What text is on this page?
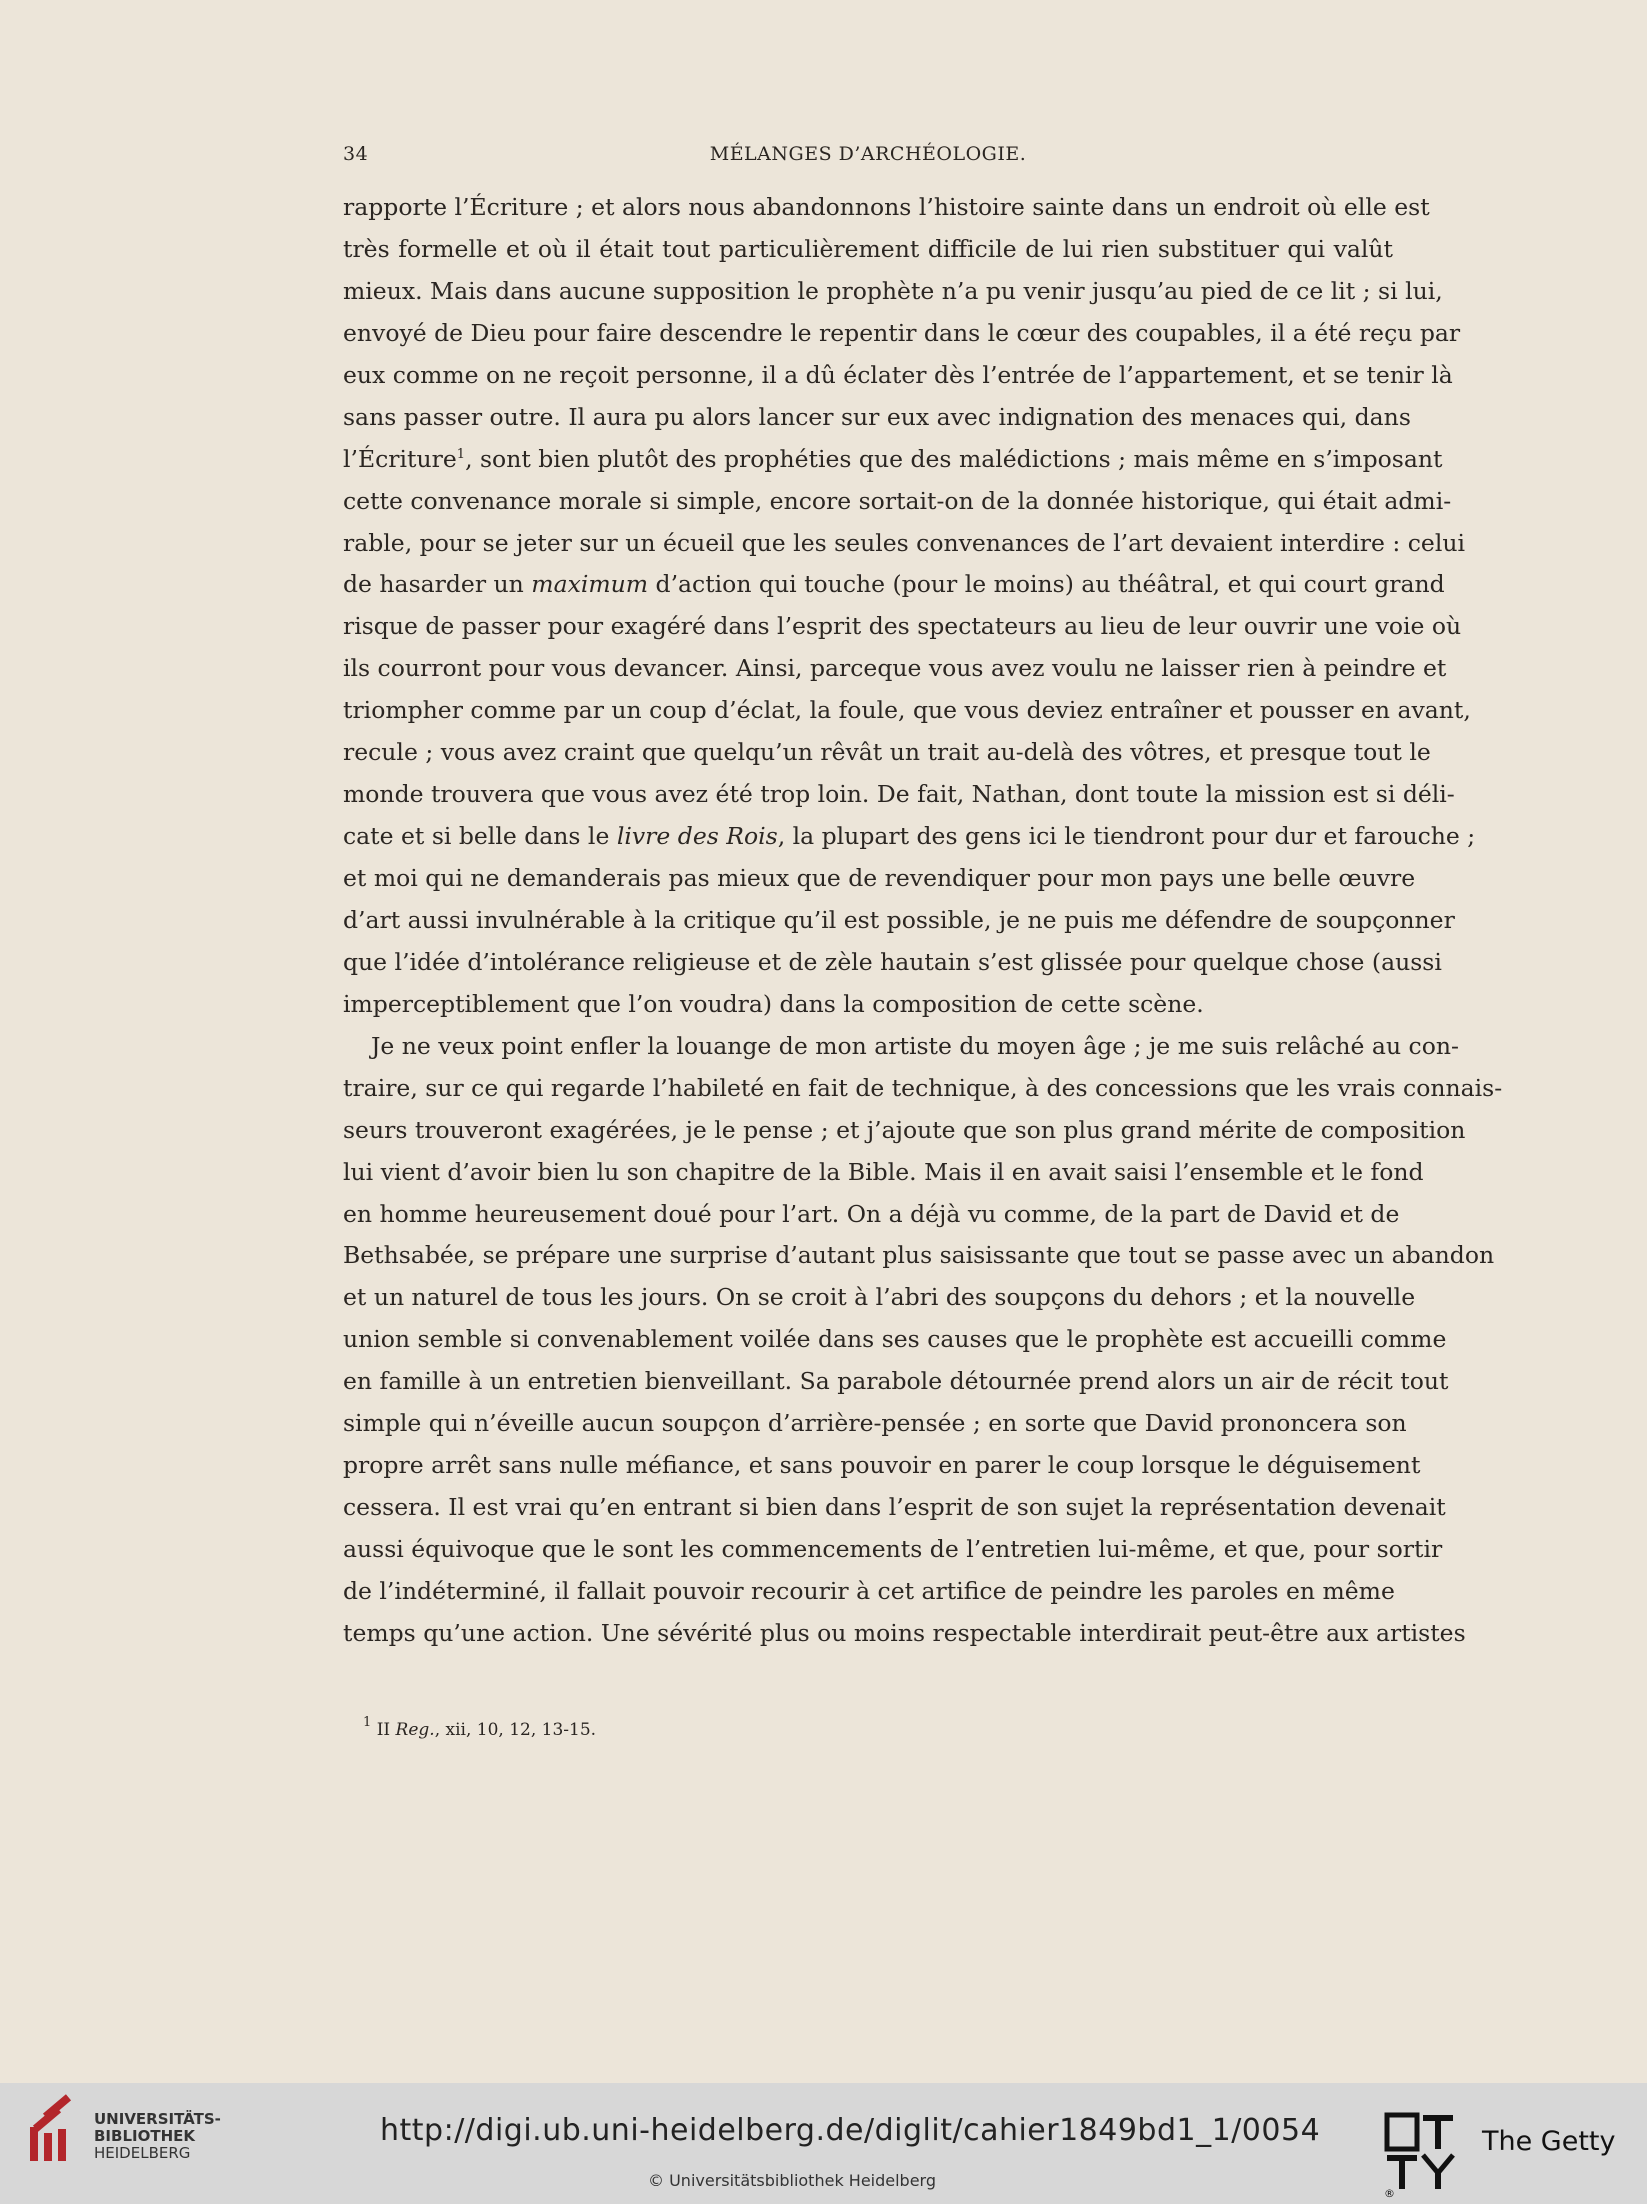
34	MÉLANGES D’ARCHÉOLOGIE.
rapporte l’Écriture ; et alors nous abandonnons l’histoire sainte dans un endroit où elle est
très formelle et où il était tout particulièrement difficile de lui rien substituer qui valût
mieux. Mais dans aucune supposition le prophète n’a pu venir jusqu’au pied de ce lit ; si lui,
envoyé de Dieu pour faire descendre le repentir dans le cœur des coupables, il a été reçu par
eux comme on ne reçoit personne, il a dû éclater dès l’entrée de l’appartement, et se tenir là
sans passer outre. Il aura pu alors lancer sur eux avec indignation des menaces qui, dans
l’Écriture$^1$, sont bien plutôt des prophéties que des malédictions ; mais même en s’imposant
cette convenance morale si simple, encore sortait-on de la donnée historique, qui était admi-
rable, pour se jeter sur un écueil que les seules convenances de l’art devaient interdire : celui
de hasarder un maximum d’action qui touche (pour le moins) au théâtral, et qui court grand
risque de passer pour exagéré dans l’esprit des spectateurs au lieu de leur ouvrir une voie où
ils courront pour vous devancer. Ainsi, parceque vous avez voulu ne laisser rien à peindre et
triompher comme par un coup d’éclat, la foule, que vous deviez entraîner et pousser en avant,
recule ; vous avez craint que quelqu’un rêvât un trait au-delà des vôtres, et presque tout le
monde trouvera que vous avez été trop loin. De fait, Nathan, dont toute la mission est si déli-
cate et si belle dans le livre des Rois, la plupart des gens ici le tiendront pour dur et farouche ;
et moi qui ne demanderais pas mieux que de revendiquer pour mon pays une belle œuvre
d’art aussi invulnérable à la critique qu’il est possible, je ne puis me défendre de soupçonner
que l’idée d’intolérance religieuse et de zèle hautain s’est glissée pour quelque chose (aussi
imperceptiblement que l’on voudra) dans la composition de cette scène.
Je ne veux point enfler la louange de mon artiste du moyen âge ; je me suis relâché au con-
traire, sur ce qui regarde l’habileté en fait de technique, à des concessions que les vrais connais-
seurs trouveront exagérées, je le pense ; et j’ajoute que son plus grand mérite de composition
lui vient d’avoir bien lu son chapitre de la Bible. Mais il en avait saisi l’ensemble et le fond
en homme heureusement doué pour l’art. On a déjà vu comme, de la part de David et de
Bethsabée, se prépare une surprise d’autant plus saisissante que tout se passe avec un abandon
et un naturel de tous les jours. On se croit à l’abri des soupçons du dehors ; et la nouvelle
union semble si convenablement voilée dans ses causes que le prophète est accueilli comme
en famille à un entretien bienveillant. Sa parabole détournée prend alors un air de récit tout
simple qui n’éveille aucun soupçon d’arrière-pensée ; en sorte que David prononcera son
propre arrêt sans nulle méfiance, et sans pouvoir en parer le coup lorsque le déguisement
cessera. Il est vrai qu’en entrant si bien dans l’esprit de son sujet la représentation devenait
aussi équivoque que le sont les commencements de l’entretien lui-même, et que, pour sortir
de l’indéterminé, il fallait pouvoir recourir à cet artifice de peindre les paroles en même
temps qu’une action. Une sévérité plus ou moins respectable interdirait peut-être aux artistes
$^1$ II Reg., xii, 10, 12, 13-15.
UNIVERSITÄTS-
BIBLIOTHEK
HEIDELBERG
http://digi.ub.uni-heidelberg.de/diglit/cahier1849bd1_1/0054
© Universitätsbibliothek Heidelberg
®
The Getty
